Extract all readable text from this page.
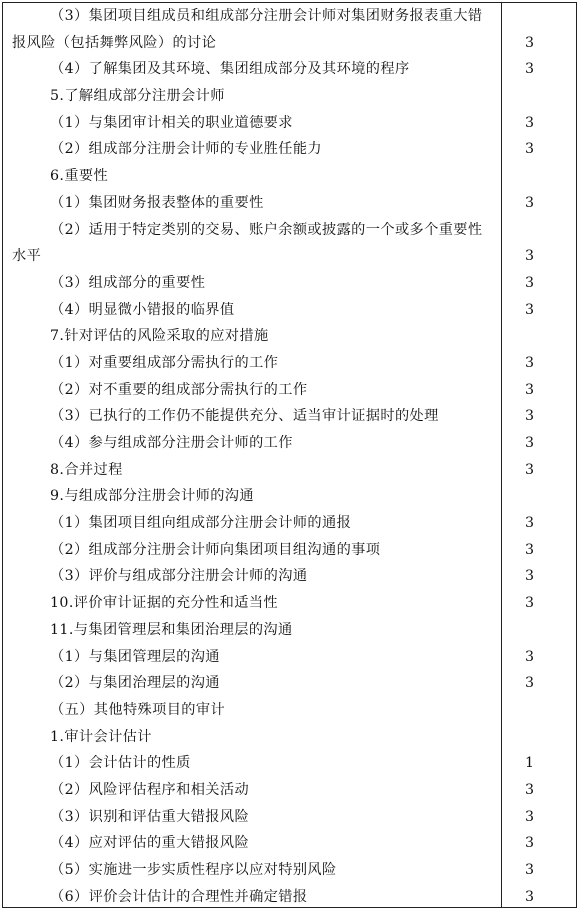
（3）集团项目组成员和组成部分注册会计师对集团财务报表重大错报风险（包括舞弊风险）的讨论	3
（4）了解集团及其环境、集团组成部分及其环境的程序	3
5.了解组成部分注册会计师
（1）与集团审计相关的职业道德要求	3
（2）组成部分注册会计师的专业胜任能力	3
6.重要性
（1）集团财务报表整体的重要性	3
（2）适用于特定类别的交易、账户余额或披露的一个或多个重要性水平	3
（3）组成部分的重要性	3
（4）明显微小错报的临界值	3
7.针对评估的风险采取的应对措施
（1）对重要组成部分需执行的工作	3
（2）对不重要的组成部分需执行的工作	3
（3）已执行的工作仍不能提供充分、适当审计证据时的处理	3
（4）参与组成部分注册会计师的工作	3
8.合并过程	3
9.与组成部分注册会计师的沟通
（1）集团项目组向组成部分注册会计师的通报	3
（2）组成部分注册会计师向集团项目组沟通的事项	3
（3）评价与组成部分注册会计师的沟通	3
10.评价审计证据的充分性和适当性	3
11.与集团管理层和集团治理层的沟通
（1）与集团管理层的沟通	3
（2）与集团治理层的沟通	3
（五）其他特殊项目的审计
1.审计会计估计
（1）会计估计的性质	1
（2）风险评估程序和相关活动	3
（3）识别和评估重大错报风险	3
（4）应对评估的重大错报风险	3
（5）实施进一步实质性程序以应对特别风险	3
（6）评价会计估计的合理性并确定错报	3
